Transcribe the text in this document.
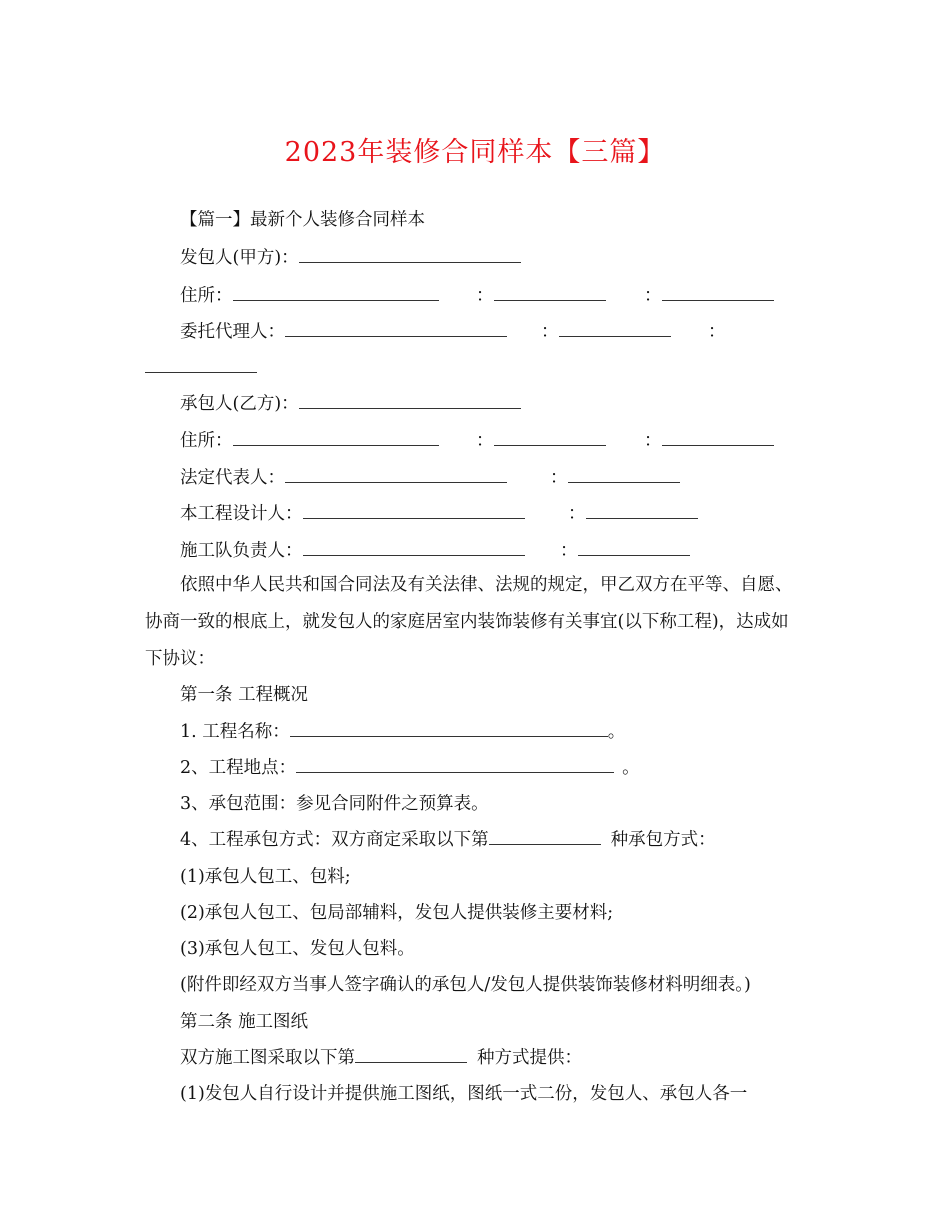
2023年装修合同样本【三篇】
【篇一】最新个人装修合同样本
发包人(甲方)：
住所：	：	：
委托代理人：	：	：
承包人(乙方)：
住所：	：	：
法定代表人：	：
本工程设计人：	：
施工队负责人：	：
依照中华人民共和国合同法及有关法律、法规的规定，甲乙双方在平等、自愿、协商一致的根底上，就发包人的家庭居室内装饰装修有关事宜(以下称工程)，达成如下协议：
第一条 工程概况
1. 工程名称：	。
2、工程地点：	。
3、承包范围：参见合同附件之预算表。
4、工程承包方式：双方商定采取以下第	种承包方式：
(1)承包人包工、包料;
(2)承包人包工、包局部辅料，发包人提供装修主要材料;
(3)承包人包工、发包人包料。
(附件即经双方当事人签字确认的承包人/发包人提供装饰装修材料明细表。)
第二条 施工图纸
双方施工图采取以下第	种方式提供：
(1)发包人自行设计并提供施工图纸，图纸一式二份，发包人、承包人各一
